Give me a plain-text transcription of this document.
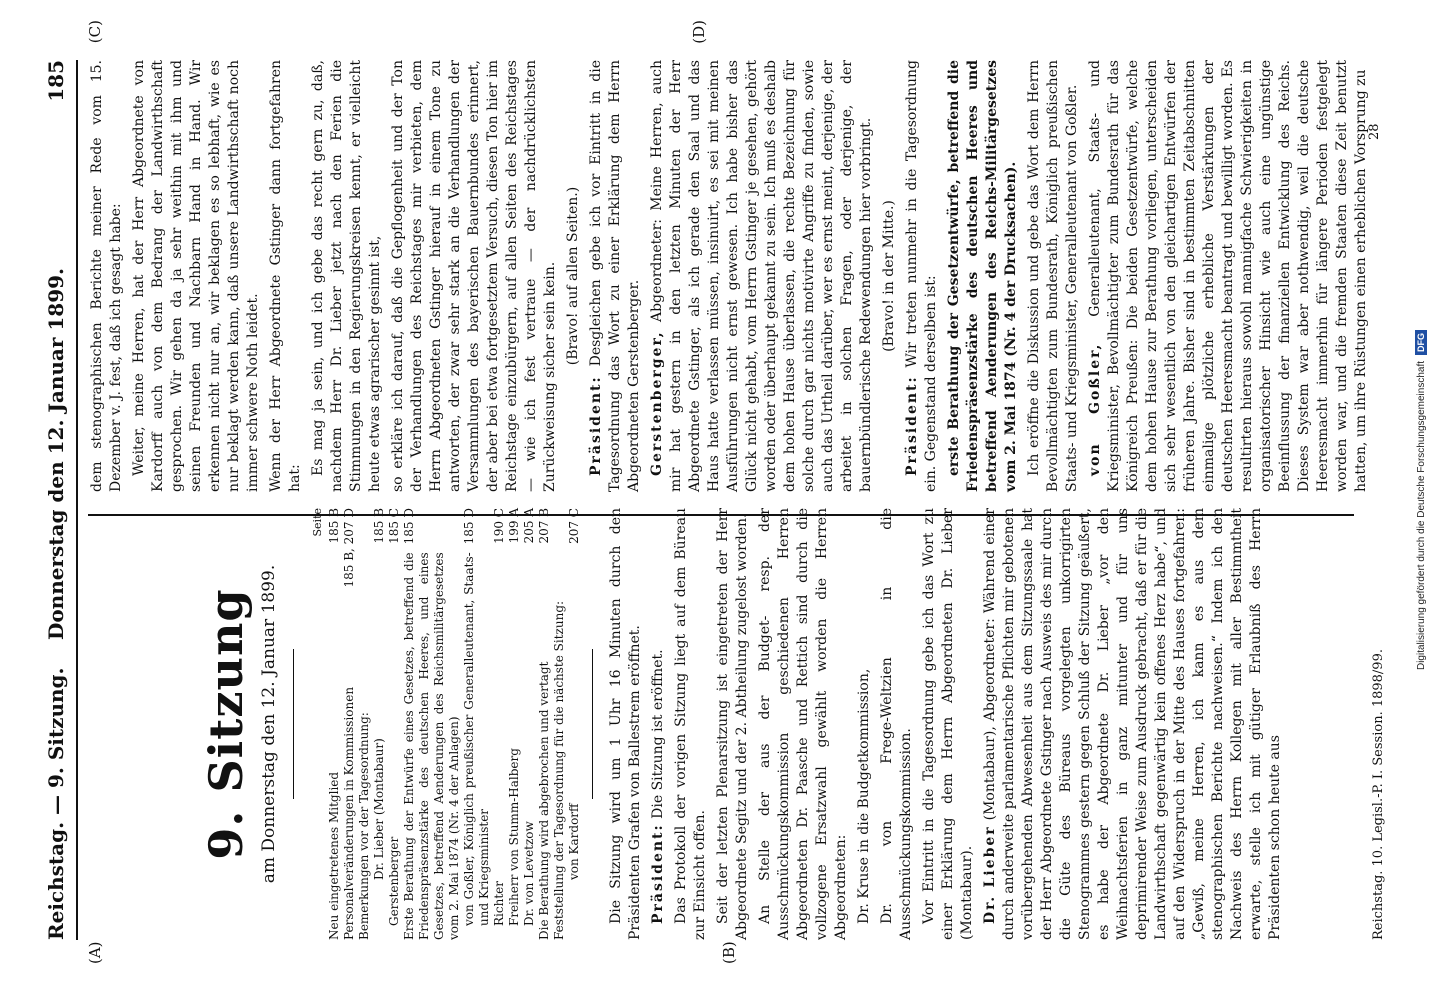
Reichstag. — 9. Sitzung.
Donnerstag den 12. Januar 1899.
185
(A)	(B)
(C)	(D)
9. Sitzung am Donnerstag den 12. Januar 1899.
Seite
Neu eingetretenes Mitglied
185 B
Personalveränderungen in Kommissionen
185 B, 207 D
Bemerkungen vor der Tagesordnung: Dr. Lieber (Montabaur)
185 B
Gerstenberger
185 C
Erste Berathung der Entwürfe eines Gesetzes, betreffend die Friedenspräsenzstärke des deutschen Heeres, und eines Gesetzes, betreffend Aenderungen des Reichsmilitärgesetzes vom 2. Mai 1874 (Nr. 4 der Anlagen)
185 D
von Goßler, Königlich preußischer Generalleutenant, Staats- und Kriegsminister
185 D
Richter
190 C
Freiherr von Stumm-Halberg
199 A
Dr. von Levetzow
205 A
Die Berathung wird abgebrochen und vertagt
207 B
Feststellung der Tagesordnung für die nächste Sitzung: von Kardorff
207 C Die Sitzung wird um 1 Uhr 16 Minuten durch den Präsidenten Grafen von Ballestrem eröffnet. Präsident: Die Sitzung ist eröffnet. Das Protokoll der vorigen Sitzung liegt auf dem Büreau zur Einsicht offen. Seit der letzten Plenarsitzung ist eingetreten der Herr Abgeordnete Segitz und der 2. Abtheilung zugelost worden. An Stelle der aus der Budget- resp. der Ausschmückungskommission geschiedenen Herren Abgeordneten Dr. Paasche und Rettich sind durch die vollzogene Ersatzwahl gewählt worden die Herren Abgeordneten: Dr. Kruse in die Budgetkommission, Dr. von Frege-Weltzien in die Ausschmückungskommission. Vor Eintritt in die Tagesordnung gebe ich das Wort zu einer Erklärung dem Herrn Abgeordneten Dr. Lieber (Montabaur). Dr. Lieber (Montabaur), Abgeordneter: Während einer durch anderweite parlamentarische Pflichten mir gebotenen vorübergehenden Abwesenheit aus dem Sitzungssaale hat der Herr Abgeordnete Gstinger nach Ausweis des mir durch die Güte des Büreaus vorgelegten unkorrigirten Stenogrammes gestern gegen Schluß der Sitzung geäußert, es habe der Abgeordnete Dr. Lieber „vor den Weihnachtsferien in ganz mitunter und für uns deprimirender Weise zum Ausdruck gebracht, daß er für die Landwirthschaft gegenwärtig kein offenes Herz habe“, und auf den Widerspruch in der Mitte des Hauses fortgefahren: „Gewiß, meine Herren, ich kann es aus dem stenographischen Berichte nachweisen.“ Indem ich den Nachweis des Herrn Kollegen mit aller Bestimmtheit erwarte, stelle ich mit gütiger Erlaubniß des Herrn Präsidenten schon heute aus

dem stenographischen Berichte meiner Rede vom 15. Dezember v. J. fest, daß ich gesagt habe: Weiter, meine Herren, hat der Herr Abgeordnete von Kardorff auch von dem Bedrang der Landwirthschaft gesprochen. Wir gehen da ja sehr weithin mit ihm und seinen Freunden und Nachbarn Hand in Hand. Wir erkennen nicht nur an, wir beklagen es so lebhaft, wie es nur beklagt werden kann, daß unsere Landwirthschaft noch immer schwere Noth leidet. Wenn der Herr Abgeordnete Gstinger dann fortgefahren hat:

Es mag ja sein, und ich gebe das recht gern zu, daß, nachdem Herr Dr. Lieber jetzt nach den Ferien die Stimmungen in den Regierungskreisen kennt, er vielleicht heute etwas agrarischer gesinnt ist, so erkläre ich darauf, daß die Gepflogenheit und der Ton der Verhandlungen des Reichstages mir verbieten, dem Herrn Abgeordneten Gstinger hierauf in einem Tone zu antworten, der zwar sehr stark an die Verhandlungen der Versammlungen des bayerischen Bauernbundes erinnert, der aber bei etwa fortgesetztem Versuch, diesen Ton hier im Reichstage einzubürgern, auf allen Seiten des Reichstages — wie ich fest vertraue — der nachdrücklichsten Zurückweisung sicher sein kein. (Bravo! auf allen Seiten.)

Präsident: Desgleichen gebe ich vor Eintritt in die Tagesordnung das Wort zu einer Erklärung dem Herrn Abgeordneten Gerstenberger. Gerstenberger, Abgeordneter: Meine Herren, auch mir hat gestern in den letzten Minuten der Herr Abgeordnete Gstinger, als ich gerade den Saal und das Haus hatte verlassen müssen, insinuirt, es sei mit meinen Ausführungen nicht ernst gewesen. Ich habe bisher das Glück nicht gehabt, vom Herrn Gstinger je gesehen, gehört worden oder überhaupt gekannt zu sein. Ich muß es deshalb dem hohen Hause überlassen, die rechte Bezeichnung für solche durch gar nichts motivirte Angriffe zu finden, sowie auch das Urtheil darüber, wer es ernst meint, derjenige, der arbeitet in solchen Fragen, oder derjenige, der bauernbündlerische Redewendungen hier vorbringt. (Bravo! in der Mitte.)

Präsident: Wir treten nunmehr in die Tagesordnung ein. Gegenstand derselben ist: erste Berathung der Gesetzentwürfe, betreffend die Friedenspräsenzstärke des deutschen Heeres und betreffend Aenderungen des Reichs-Militärgesetzes vom 2. Mai 1874 (Nr. 4 der Drucksachen). Ich eröffne die Diskussion und gebe das Wort dem Herrn Bevollmächtigten zum Bundesrath, Königlich preußischen Staats- und Kriegsminister, Generalleutenant von Goßler. von Goßler, Generalleutenant, Staats- und Kriegsminister, Bevollmächtigter zum Bundesrath für das Königreich Preußen: Die beiden Gesetzentwürfe, welche dem hohen Hause zur Berathung vorliegen, unterscheiden sich sehr wesentlich von den gleichartigen Entwürfen der früheren Jahre. Bisher sind in bestimmten Zeitabschnitten einmalige plötzliche erhebliche Verstärkungen der deutschen Heeresmacht beantragt und bewilligt worden. Es resultirten hieraus sowohl mannigfache Schwierigkeiten in organisatorischer Hinsicht wie auch eine ungünstige Beeinflussung der finanziellen Entwicklung des Reichs. Dieses System war aber nothwendig, weil die deutsche Heeresmacht immerhin für längere Perioden festgelegt worden war, und die fremden Staaten diese Zeit benutzt hatten, um ihre Rüstungen einen erheblichen Vorsprung zu

Reichstag. 10. Legisl.-P. I. Session. 1898/99.
28
Digitalisierung gefördert durch die Deutsche Forschungsgemeinschaft
DFG
